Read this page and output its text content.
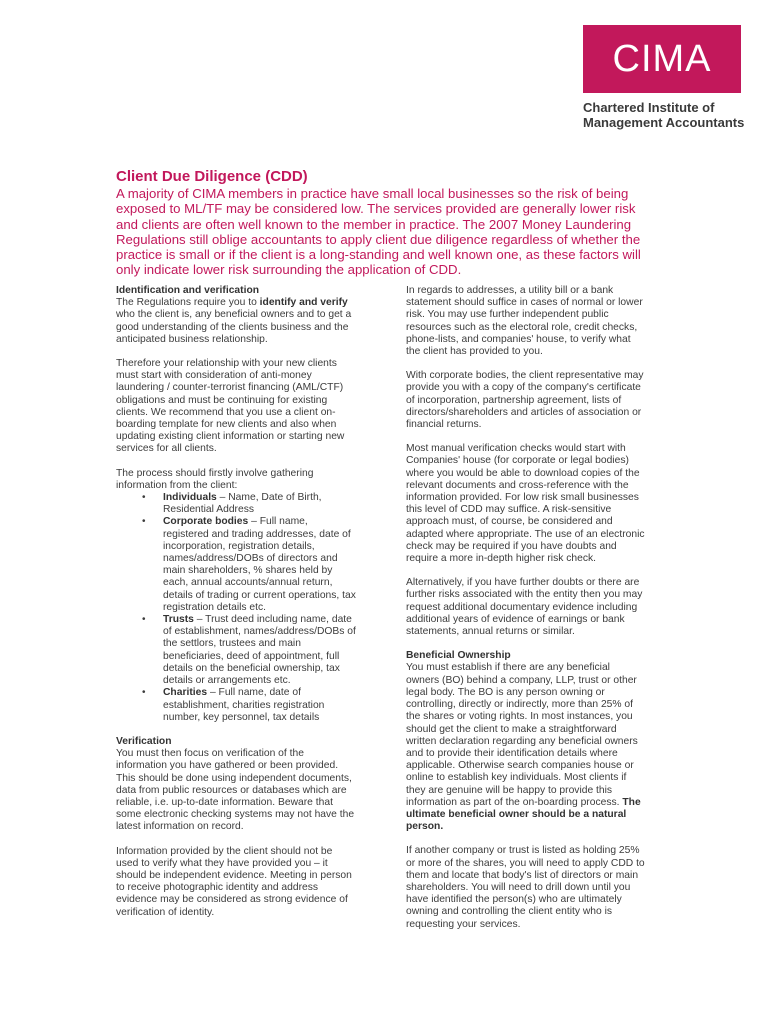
CIMA
Chartered Institute of
Management Accountants
Client Due Diligence (CDD)

A majority of CIMA members in practice have small local businesses so the risk of being exposed to ML/TF may be considered low. The services provided are generally lower risk and clients are often well known to the member in practice. The 2007 Money Laundering Regulations still oblige accountants to apply client due diligence regardless of whether the practice is small or if the client is a long-standing and well known one, as these factors will only indicate lower risk surrounding the application of CDD.

Identification and verification

The Regulations require you to identify and verify who the client is, any beneficial owners and to get a good understanding of the clients business and the anticipated business relationship.

Therefore your relationship with your new clients must start with consideration of anti-money laundering / counter-terrorist financing (AML/CTF) obligations and must be continuing for existing clients. We recommend that you use a client on-boarding template for new clients and also when updating existing client information or starting new services for all clients.

The process should firstly involve gathering information from the client:

• Individuals – Name, Date of Birth, Residential Address
• Corporate bodies – Full name, registered and trading addresses, date of incorporation, registration details, names/address/DOBs of directors and main shareholders, % shares held by each, annual accounts/annual return, details of trading or current operations, tax registration details etc.
• Trusts – Trust deed including name, date of establishment, names/address/DOBs of the settlors, trustees and main beneficiaries, deed of appointment, full details on the beneficial ownership, tax details or arrangements etc.
• Charities – Full name, date of establishment, charities registration number, key personnel, tax details
Verification

You must then focus on verification of the information you have gathered or been provided. This should be done using independent documents, data from public resources or databases which are reliable, i.e. up-to-date information. Beware that some electronic checking systems may not have the latest information on record.

Information provided by the client should not be used to verify what they have provided you – it should be independent evidence. Meeting in person to receive photographic identity and address evidence may be considered as strong evidence of verification of identity.

In regards to addresses, a utility bill or a bank statement should suffice in cases of normal or lower risk. You may use further independent public resources such as the electoral role, credit checks, phone-lists, and companies' house, to verify what the client has provided to you.

With corporate bodies, the client representative may provide you with a copy of the company's certificate of incorporation, partnership agreement, lists of directors/shareholders and articles of association or financial returns.

Most manual verification checks would start with Companies' house (for corporate or legal bodies) where you would be able to download copies of the relevant documents and cross-reference with the information provided. For low risk small businesses this level of CDD may suffice. A risk-sensitive approach must, of course, be considered and adapted where appropriate. The use of an electronic check may be required if you have doubts and require a more in-depth higher risk check.

Alternatively, if you have further doubts or there are further risks associated with the entity then you may request additional documentary evidence including additional years of evidence of earnings or bank statements, annual returns or similar.

Beneficial Ownership

You must establish if there are any beneficial owners (BO) behind a company, LLP, trust or other legal body. The BO is any person owning or controlling, directly or indirectly, more than 25% of the shares or voting rights. In most instances, you should get the client to make a straightforward written declaration regarding any beneficial owners and to provide their identification details where applicable. Otherwise search companies house or online to establish key individuals. Most clients if they are genuine will be happy to provide this information as part of the on-boarding process. The ultimate beneficial owner should be a natural person.

If another company or trust is listed as holding 25% or more of the shares, you will need to apply CDD to them and locate that body's list of directors or main shareholders. You will need to drill down until you have identified the person(s) who are ultimately owning and controlling the client entity who is requesting your services.
